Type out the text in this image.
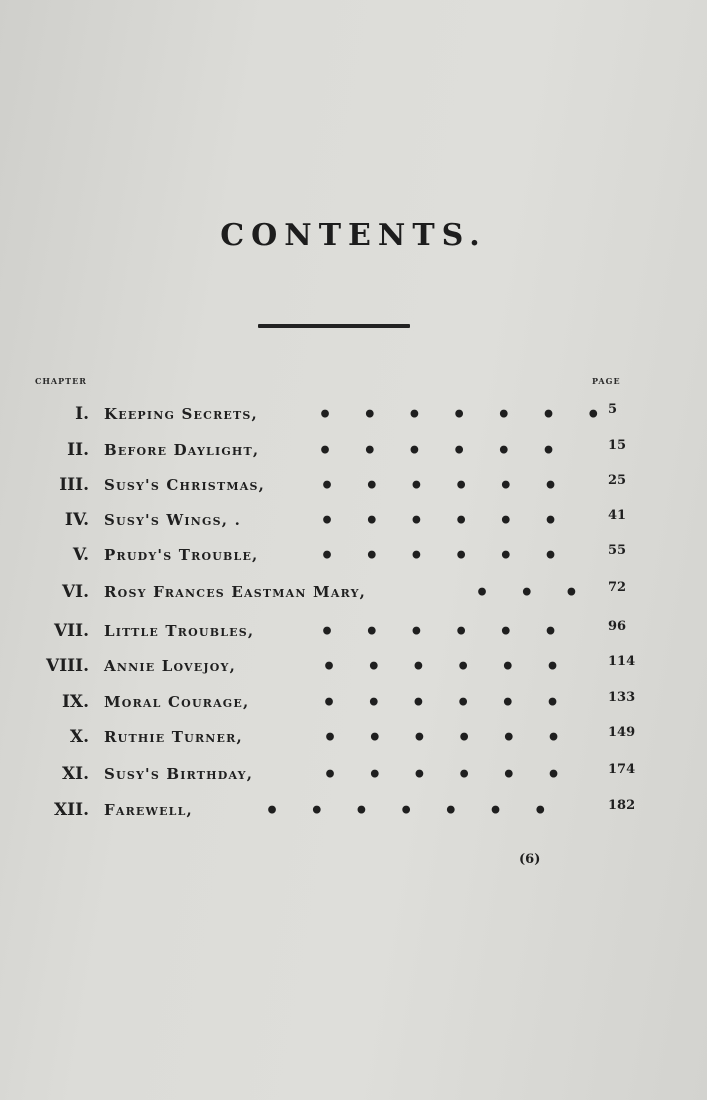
CONTENTS.
CHAPTER	PAGE
I. Keeping Secrets,	•    •    •    •    •    •    • 5
II. Before Daylight,	•    •    •    •    •    •	15
III. Susy's Christmas, •    •    •    •    •    •	25
IV. Susy's Wings, .	•    •    •    •    •    •	41
V. Prudy's Trouble,	•    •    •    •    •    •	55
VI. Rosy Frances Eastman Mary,	•    •    • 72
VII. Little Troubles,	•    •    •    •    •    •	96
VIII. Annie Lovejoy,	•    •    •    •    •    •	114
IX. Moral Courage,	•    •    •    •    •    •	133
X. Ruthie Turner,	•    •    •    •    •    •	149
XI. Susy's Birthday,	•    •    •    •    •    •	174
XII. Farewell,	•    •    •    •    •    •    •	182
(6)
